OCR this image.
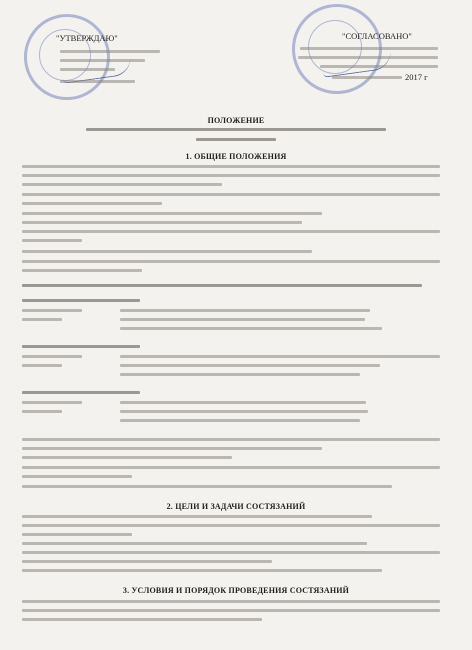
"УТВЕРЖДАЮ"	"СОГЛАСОВАНО"
2017 г
ПОЛОЖЕНИЕ
1. ОБЩИЕ ПОЛОЖЕНИЯ
2. ЦЕЛИ И ЗАДАЧИ СОСТЯЗАНИЙ
3. УСЛОВИЯ И ПОРЯДОК ПРОВЕДЕНИЯ СОСТЯЗАНИЙ
